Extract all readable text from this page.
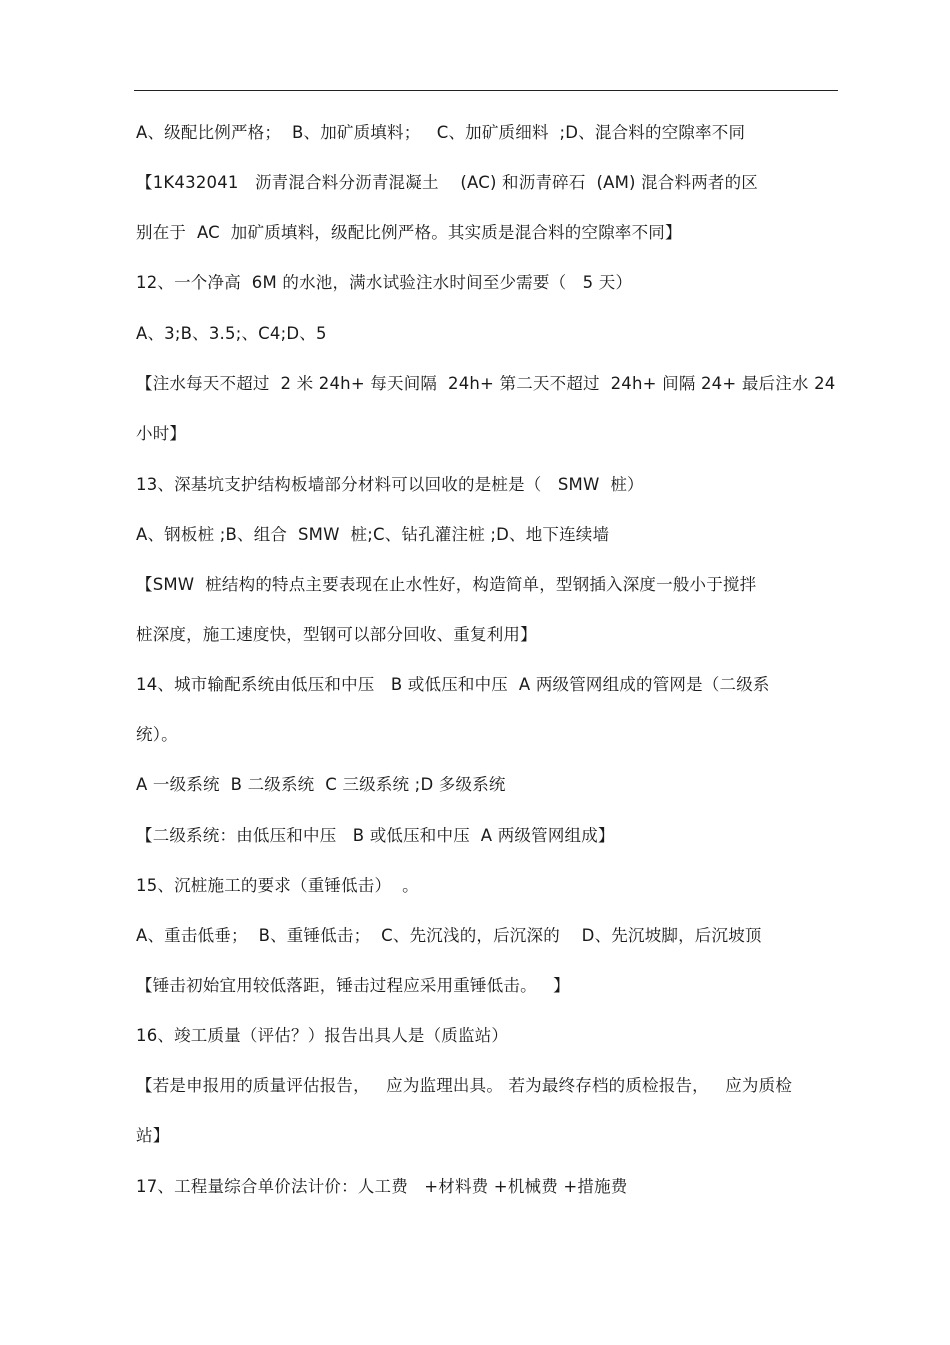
A、级配比例严格；  B、加矿质填料；   C、加矿质细料  ;D、混合料的空隙率不同
【1K432041   沥青混合料分沥青混凝土    (AC) 和沥青碎石  (AM) 混合料两者的区
别在于  AC  加矿质填料，级配比例严格。其实质是混合料的空隙率不同】
12、一个净高  6M 的水池，满水试验注水时间至少需要（   5 天）
A、3;B、3.5;、C4;D、5
【注水每天不超过  2 米 24h+ 每天间隔  24h+ 第二天不超过  24h+ 间隔 24+ 最后注水 24
小时】
13、深基坑支护结构板墙部分材料可以回收的是桩是（   SMW  桩）
A、钢板桩 ;B、组合  SMW  桩;C、钻孔灌注桩 ;D、地下连续墙
【SMW  桩结构的特点主要表现在止水性好，构造简单，型钢插入深度一般小于搅拌
桩深度，施工速度快，型钢可以部分回收、重复利用】
14、城市输配系统由低压和中压   B 或低压和中压  A 两级管网组成的管网是（二级系
统）。
A 一级系统  B 二级系统  C 三级系统 ;D 多级系统
【二级系统：由低压和中压   B 或低压和中压  A 两级管网组成】
15、沉桩施工的要求（重锤低击）  。
A、重击低垂；  B、重锤低击；  C、先沉浅的，后沉深的    D、先沉坡脚，后沉坡顶
【锤击初始宜用较低落距，锤击过程应采用重锤低击。   】
16、竣工质量（评估？）报告出具人是（质监站）
【若是申报用的质量评估报告，   应为监理出具。 若为最终存档的质检报告，   应为质检
站】
17、工程量综合单价法计价：人工费   +材料费 +机械费 +措施费
